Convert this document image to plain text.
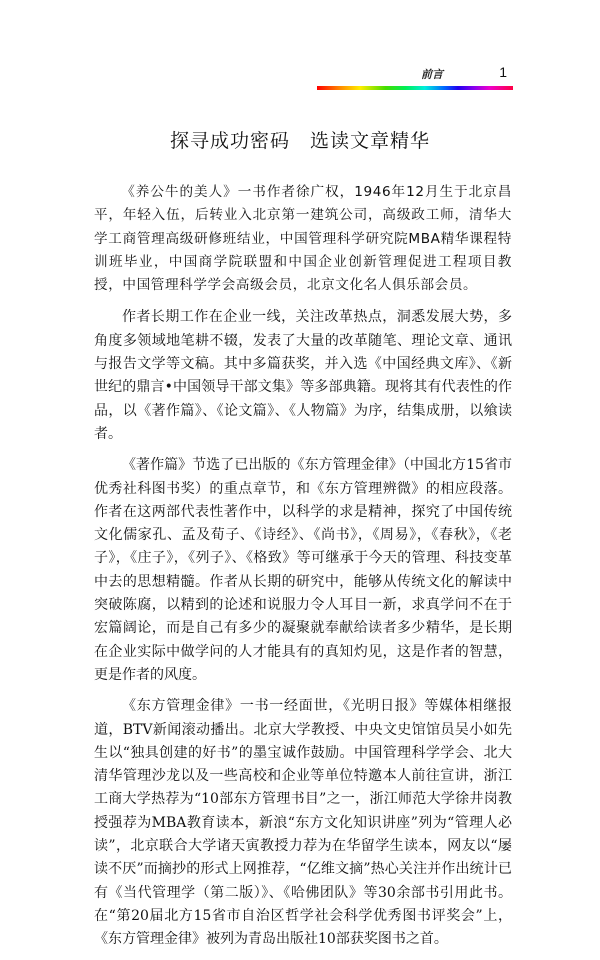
前言	1
探寻成功密码 选读文章精华

《养公牛的美人》一书作者徐广权，1946年12月生于北京昌平，年轻入伍，后转业入北京第一建筑公司，高级政工师，清华大学工商管理高级研修班结业，中国管理科学研究院MBA精华课程特训班毕业，中国商学院联盟和中国企业创新管理促进工程项目教授，中国管理科学学会高级会员，北京文化名人俱乐部会员。

作者长期工作在企业一线，关注改革热点，洞悉发展大势，多角度多领域地笔耕不辍，发表了大量的改革随笔、理论文章、通讯与报告文学等文稿。其中多篇获奖，并入选《中国经典文库》、《新世纪的鼎言•中国领导干部文集》等多部典籍。现将其有代表性的作品，以《著作篇》、《论文篇》、《人物篇》为序，结集成册，以飨读者。

《著作篇》节选了已出版的《东方管理金律》（中国北方15省市优秀社科图书奖）的重点章节，和《东方管理辨微》的相应段落。作者在这两部代表性著作中，以科学的求是精神，探究了中国传统文化儒家孔、孟及荀子、《诗经》、《尚书》，《周易》，《春秋》，《老子》，《庄子》，《列子》、《格致》等可继承于今天的管理、科技变革中去的思想精髓。作者从长期的研究中，能够从传统文化的解读中突破陈腐，以精到的论述和说服力令人耳目一新，求真学问不在于宏篇阔论，而是自己有多少的凝聚就奉献给读者多少精华，是长期在企业实际中做学问的人才能具有的真知灼见，这是作者的智慧，更是作者的风度。

《东方管理金律》一书一经面世，《光明日报》等媒体相继报道，BTV新闻滚动播出。北京大学教授、中央文史馆馆员吴小如先生以“独具创建的好书”的墨宝诚作鼓励。中国管理科学学会、北大清华管理沙龙以及一些高校和企业等单位特邀本人前往宣讲，浙江工商大学热荐为“10部东方管理书目”之一，浙江师范大学徐井岗教授强荐为MBA教育读本，新浪“东方文化知识讲座”列为“管理人必读”，北京联合大学诸天寅教授力荐为在华留学生读本，网友以“屡读不厌”而摘抄的形式上网推荐，“亿维文摘”热心关注并作出统计已有《当代管理学（第二版）》、《哈佛团队》等30余部书引用此书。在“第20届北方15省市自治区哲学社会科学优秀图书评奖会”上，《东方管理金律》被列为青岛出版社10部获奖图书之首。
